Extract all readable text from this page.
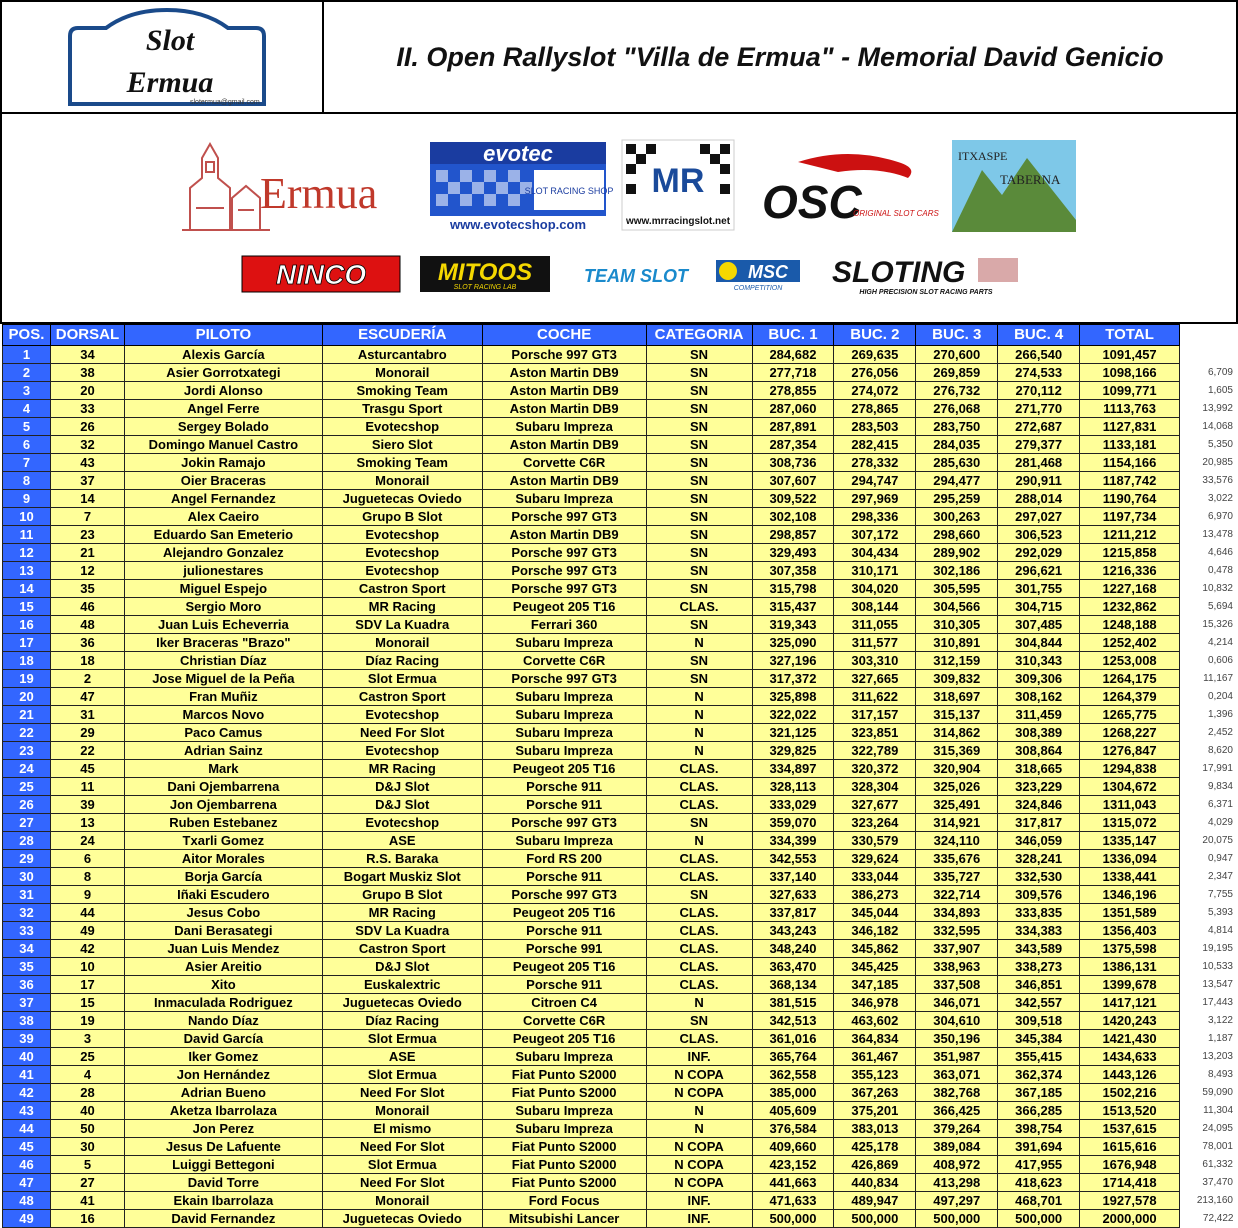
Slot
Ermua
slotermua@gmail.com
II. Open Rallyslot "Villa de Ermua" - Memorial David Genicio
Ermua
evotec
SLOT RACING SHOP
www.evotecshop.com
MR
www.mrracingslot.net OSC
ORIGINAL SLOT CARS
ITXASPE
TABERNA
NINCO	MITOOS
SLOT RACING LAB
TEAM SLOT	MSC
COMPETITION SLOTING
HIGH PRECISION SLOT RACING PARTS
POS.	DORSAL	PILOTO	ESCUDERÍA	COCHE	CATEGORIA	BUC. 1	BUC. 2	BUC. 3	BUC. 4	TOTAL	
1	34	Alexis García	Asturcantabro	Porsche 997 GT3	SN	284,682	269,635	270,600	266,540	1091,457	
2	38	Asier Gorrotxategi	Monorail	Aston Martin DB9	SN	277,718	276,056	269,859	274,533	1098,166	6,709
3	20	Jordi Alonso	Smoking Team	Aston Martin DB9	SN	278,855	274,072	276,732	270,112	1099,771	1,605
4	33	Angel Ferre	Trasgu Sport	Aston Martin DB9	SN	287,060	278,865	276,068	271,770	1113,763	13,992
5	26	Sergey Bolado	Evotecshop	Subaru Impreza	SN	287,891	283,503	283,750	272,687	1127,831	14,068
6	32	Domingo Manuel Castro	Siero Slot	Aston Martin DB9	SN	287,354	282,415	284,035	279,377	1133,181	5,350
7	43	Jokin Ramajo	Smoking Team	Corvette C6R	SN	308,736	278,332	285,630	281,468	1154,166	20,985
8	37	Oier Braceras	Monorail	Aston Martin DB9	SN	307,607	294,747	294,477	290,911	1187,742	33,576
9	14	Angel Fernandez	Juguetecas Oviedo	Subaru Impreza	SN	309,522	297,969	295,259	288,014	1190,764	3,022
10	7	Alex Caeiro	Grupo B Slot	Porsche 997 GT3	SN	302,108	298,336	300,263	297,027	1197,734	6,970
11	23	Eduardo San Emeterio	Evotecshop	Aston Martin DB9	SN	298,857	307,172	298,660	306,523	1211,212	13,478
12	21	Alejandro Gonzalez	Evotecshop	Porsche 997 GT3	SN	329,493	304,434	289,902	292,029	1215,858	4,646
13	12	julionestares	Evotecshop	Porsche 997 GT3	SN	307,358	310,171	302,186	296,621	1216,336	0,478
14	35	Miguel Espejo	Castron Sport	Porsche 997 GT3	SN	315,798	304,020	305,595	301,755	1227,168	10,832
15	46	Sergio Moro	MR Racing	Peugeot 205 T16	CLAS.	315,437	308,144	304,566	304,715	1232,862	5,694
16	48	Juan Luis Echeverria	SDV La Kuadra	Ferrari 360	SN	319,343	311,055	310,305	307,485	1248,188	15,326
17	36	Iker Braceras "Brazo"	Monorail	Subaru Impreza	N	325,090	311,577	310,891	304,844	1252,402	4,214
18	18	Christian Díaz	Díaz Racing	Corvette C6R	SN	327,196	303,310	312,159	310,343	1253,008	0,606
19	2	Jose Miguel de la Peña	Slot Ermua	Porsche 997 GT3	SN	317,372	327,665	309,832	309,306	1264,175	11,167
20	47	Fran Muñiz	Castron Sport	Subaru Impreza	N	325,898	311,622	318,697	308,162	1264,379	0,204
21	31	Marcos Novo	Evotecshop	Subaru Impreza	N	322,022	317,157	315,137	311,459	1265,775	1,396
22	29	Paco Camus	Need For Slot	Subaru Impreza	N	321,125	323,851	314,862	308,389	1268,227	2,452
23	22	Adrian Sainz	Evotecshop	Subaru Impreza	N	329,825	322,789	315,369	308,864	1276,847	8,620
24	45	Mark	MR Racing	Peugeot 205 T16	CLAS.	334,897	320,372	320,904	318,665	1294,838	17,991
25	11	Dani Ojembarrena	D&J Slot	Porsche 911	CLAS.	328,113	328,304	325,026	323,229	1304,672	9,834
26	39	Jon Ojembarrena	D&J Slot	Porsche 911	CLAS.	333,029	327,677	325,491	324,846	1311,043	6,371
27	13	Ruben Estebanez	Evotecshop	Porsche 997 GT3	SN	359,070	323,264	314,921	317,817	1315,072	4,029
28	24	Txarli Gomez	ASE	Subaru Impreza	N	334,399	330,579	324,110	346,059	1335,147	20,075
29	6	Aitor Morales	R.S. Baraka	Ford RS 200	CLAS.	342,553	329,624	335,676	328,241	1336,094	0,947
30	8	Borja García	Bogart Muskiz Slot	Porsche 911	CLAS.	337,140	333,044	335,727	332,530	1338,441	2,347
31	9	Iñaki Escudero	Grupo B Slot	Porsche 997 GT3	SN	327,633	386,273	322,714	309,576	1346,196	7,755
32	44	Jesus Cobo	MR Racing	Peugeot 205 T16	CLAS.	337,817	345,044	334,893	333,835	1351,589	5,393
33	49	Dani Berasategi	SDV La Kuadra	Porsche 911	CLAS.	343,243	346,182	332,595	334,383	1356,403	4,814
34	42	Juan Luis Mendez	Castron Sport	Porsche 991	CLAS.	348,240	345,862	337,907	343,589	1375,598	19,195
35	10	Asier Areitio	D&J Slot	Peugeot 205 T16	CLAS.	363,470	345,425	338,963	338,273	1386,131	10,533
36	17	Xito	Euskalextric	Porsche 911	CLAS.	368,134	347,185	337,508	346,851	1399,678	13,547
37	15	Inmaculada Rodriguez	Juguetecas Oviedo	Citroen C4	N	381,515	346,978	346,071	342,557	1417,121	17,443
38	19	Nando Díaz	Díaz Racing	Corvette C6R	SN	342,513	463,602	304,610	309,518	1420,243	3,122
39	3	David García	Slot Ermua	Peugeot 205 T16	CLAS.	361,016	364,834	350,196	345,384	1421,430	1,187
40	25	Iker Gomez	ASE	Subaru Impreza	INF.	365,764	361,467	351,987	355,415	1434,633	13,203
41	4	Jon Hernández	Slot Ermua	Fiat Punto S2000	N COPA	362,558	355,123	363,071	362,374	1443,126	8,493
42	28	Adrian Bueno	Need For Slot	Fiat Punto S2000	N COPA	385,000	367,263	382,768	367,185	1502,216	59,090
43	40	Aketza Ibarrolaza	Monorail	Subaru Impreza	N	405,609	375,201	366,425	366,285	1513,520	11,304
44	50	Jon Perez	El mismo	Subaru Impreza	N	376,584	383,013	379,264	398,754	1537,615	24,095
45	30	Jesus De Lafuente	Need For Slot	Fiat Punto S2000	N COPA	409,660	425,178	389,084	391,694	1615,616	78,001
46	5	Luiggi Bettegoni	Slot Ermua	Fiat Punto S2000	N COPA	423,152	426,869	408,972	417,955	1676,948	61,332
47	27	David Torre	Need For Slot	Fiat Punto S2000	N COPA	441,663	440,834	413,298	418,623	1714,418	37,470
48	41	Ekain Ibarrolaza	Monorail	Ford Focus	INF.	471,633	489,947	497,297	468,701	1927,578	213,160
49	16	David Fernandez	Juguetecas Oviedo	Mitsubishi Lancer	INF.	500,000	500,000	500,000	500,000	2000,000	72,422
